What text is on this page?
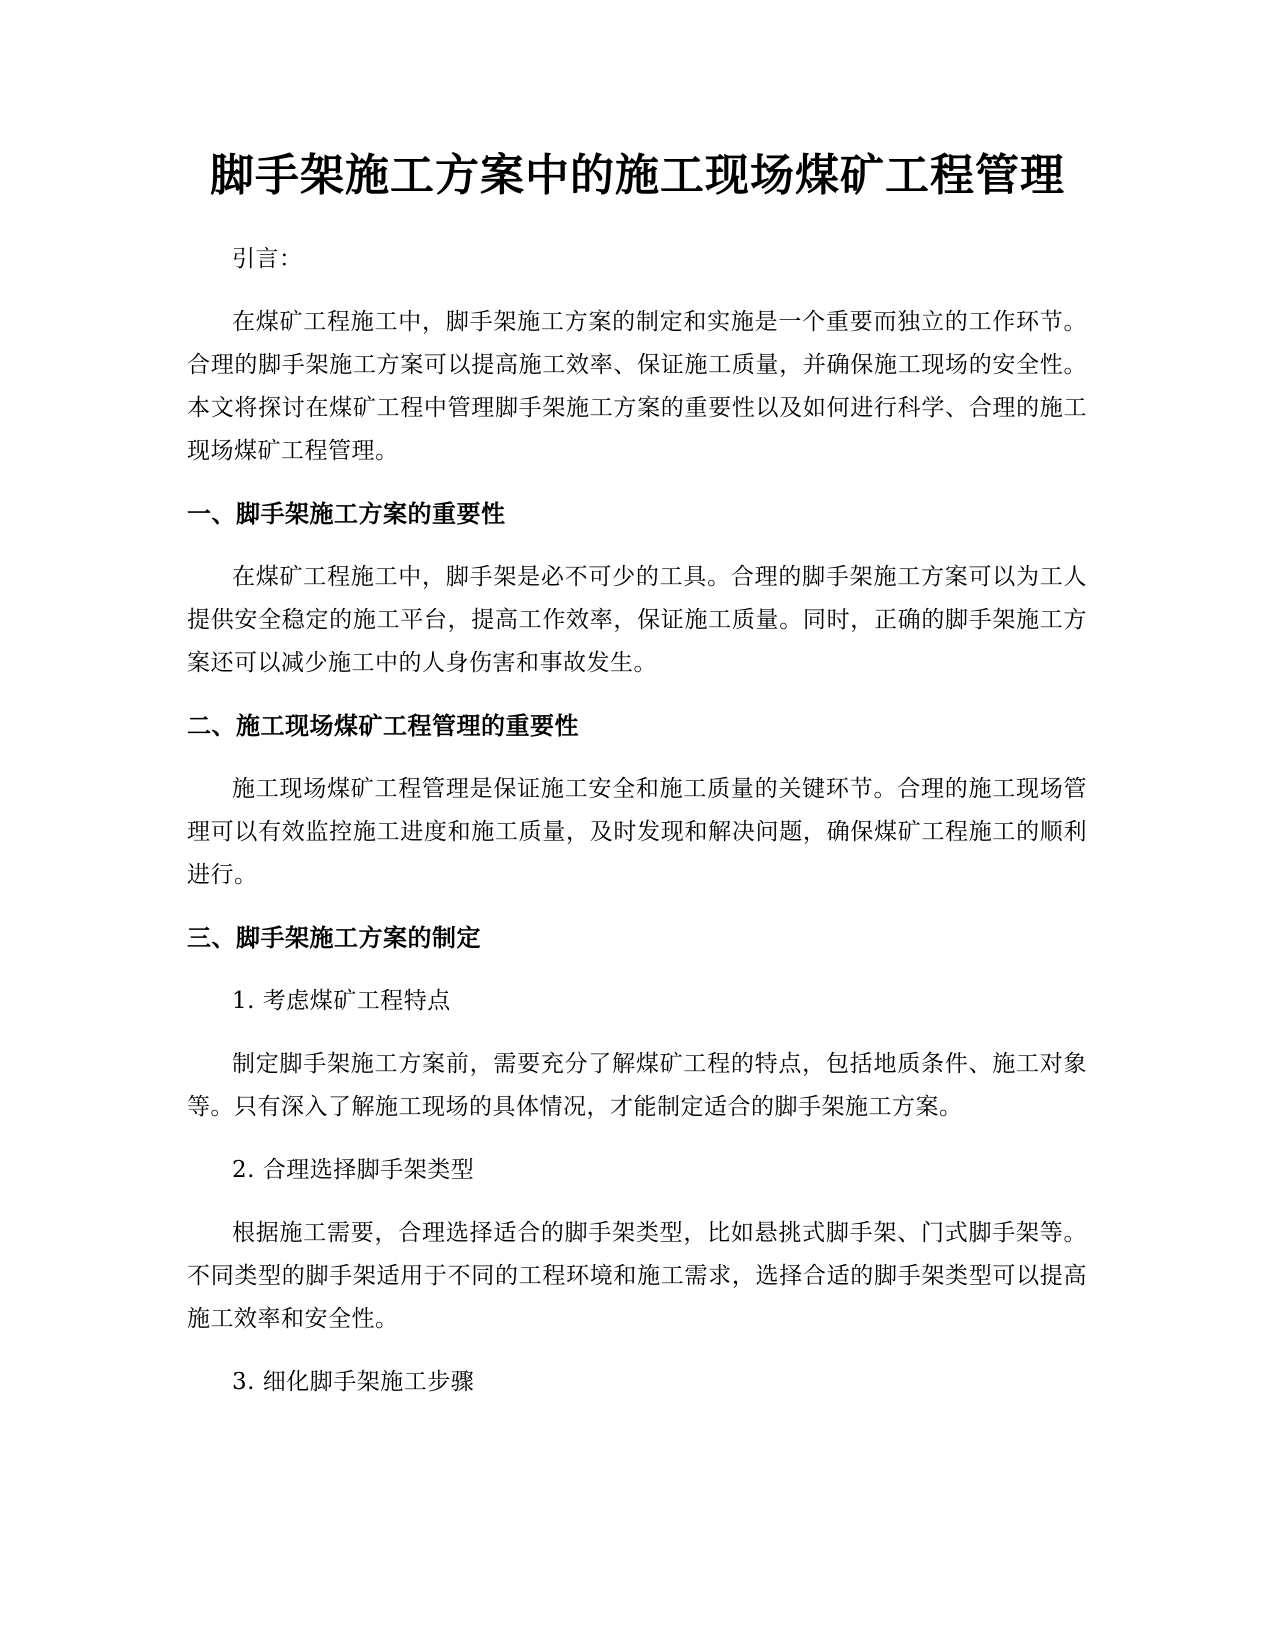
脚手架施工方案中的施工现场煤矿工程管理

引言：

在煤矿工程施工中，脚手架施工方案的制定和实施是一个重要而独立的工作环节。合理的脚手架施工方案可以提高施工效率、保证施工质量，并确保施工现场的安全性。本文将探讨在煤矿工程中管理脚手架施工方案的重要性以及如何进行科学、合理的施工现场煤矿工程管理。

一、脚手架施工方案的重要性

在煤矿工程施工中，脚手架是必不可少的工具。合理的脚手架施工方案可以为工人提供安全稳定的施工平台，提高工作效率，保证施工质量。同时，正确的脚手架施工方案还可以减少施工中的人身伤害和事故发生。

二、施工现场煤矿工程管理的重要性

施工现场煤矿工程管理是保证施工安全和施工质量的关键环节。合理的施工现场管理可以有效监控施工进度和施工质量，及时发现和解决问题，确保煤矿工程施工的顺利进行。

三、脚手架施工方案的制定

1. 考虑煤矿工程特点

制定脚手架施工方案前，需要充分了解煤矿工程的特点，包括地质条件、施工对象等。只有深入了解施工现场的具体情况，才能制定适合的脚手架施工方案。

2. 合理选择脚手架类型

根据施工需要，合理选择适合的脚手架类型，比如悬挑式脚手架、门式脚手架等。不同类型的脚手架适用于不同的工程环境和施工需求，选择合适的脚手架类型可以提高施工效率和安全性。

3. 细化脚手架施工步骤
